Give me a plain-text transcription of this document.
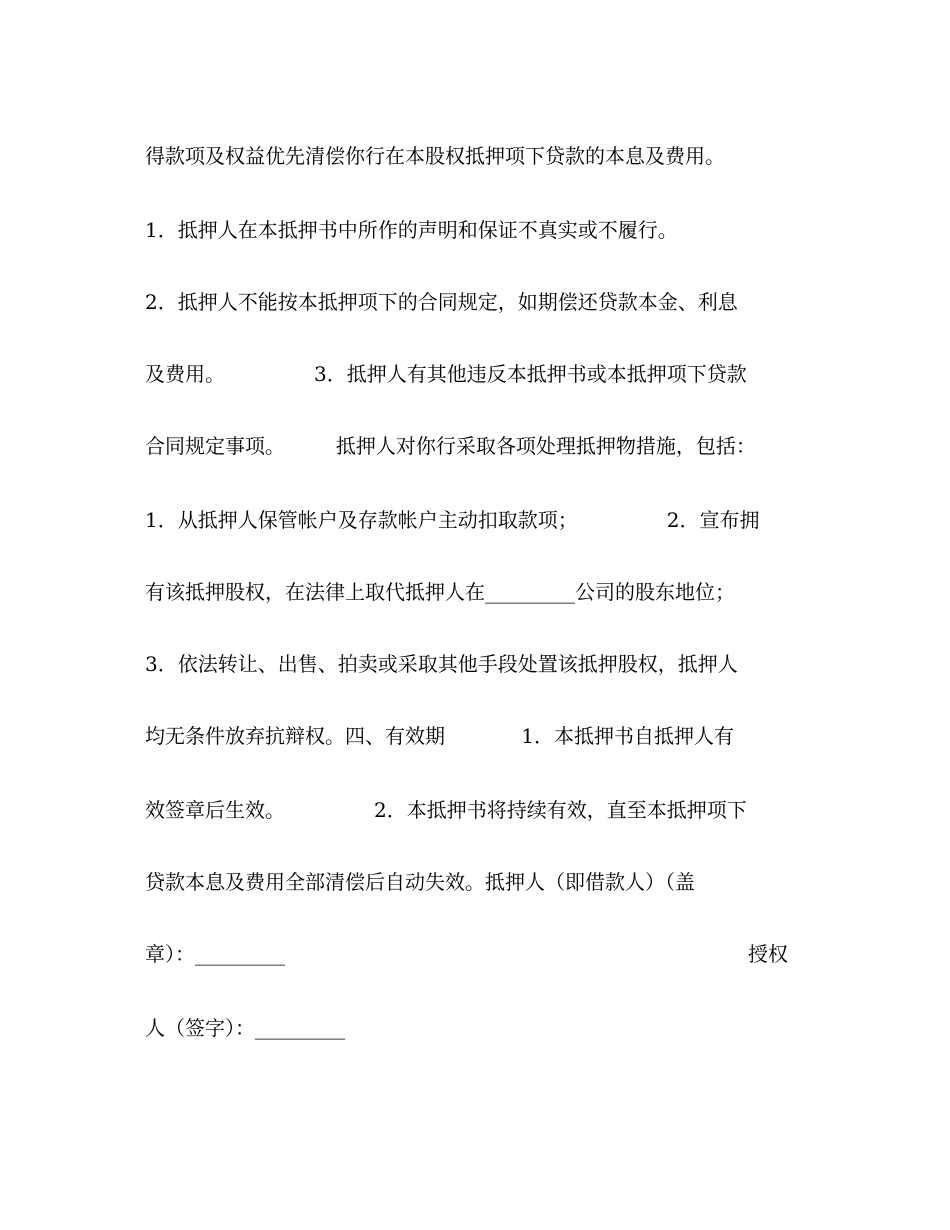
得款项及权益优先清偿你行在本股权抵押项下贷款的本息及费用。

1．抵押人在本抵押书中所作的声明和保证不真实或不履行。

2．抵押人不能按本抵押项下的合同规定，如期偿还贷款本金、利息

及费用。              3．抵押人有其他违反本抵押书或本抵押项下贷款

合同规定事项。        抵押人对你行采取各项处理抵押物措施，包括：

1．从抵押人保管帐户及存款帐户主动扣取款项；              2．宣布拥

有该抵押股权，在法律上取代抵押人在_________公司的股东地位；

3．依法转让、出售、拍卖或采取其他手段处置该抵押股权，抵押人

均无条件放弃抗辩权。四、有效期            1．本抵押书自抵押人有

效签章后生效。              2．本抵押书将持续有效，直至本抵押项下

贷款本息及费用全部清偿后自动失效。抵押人（即借款人）（盖

章）：_________

	授权

人（签字）：_________
